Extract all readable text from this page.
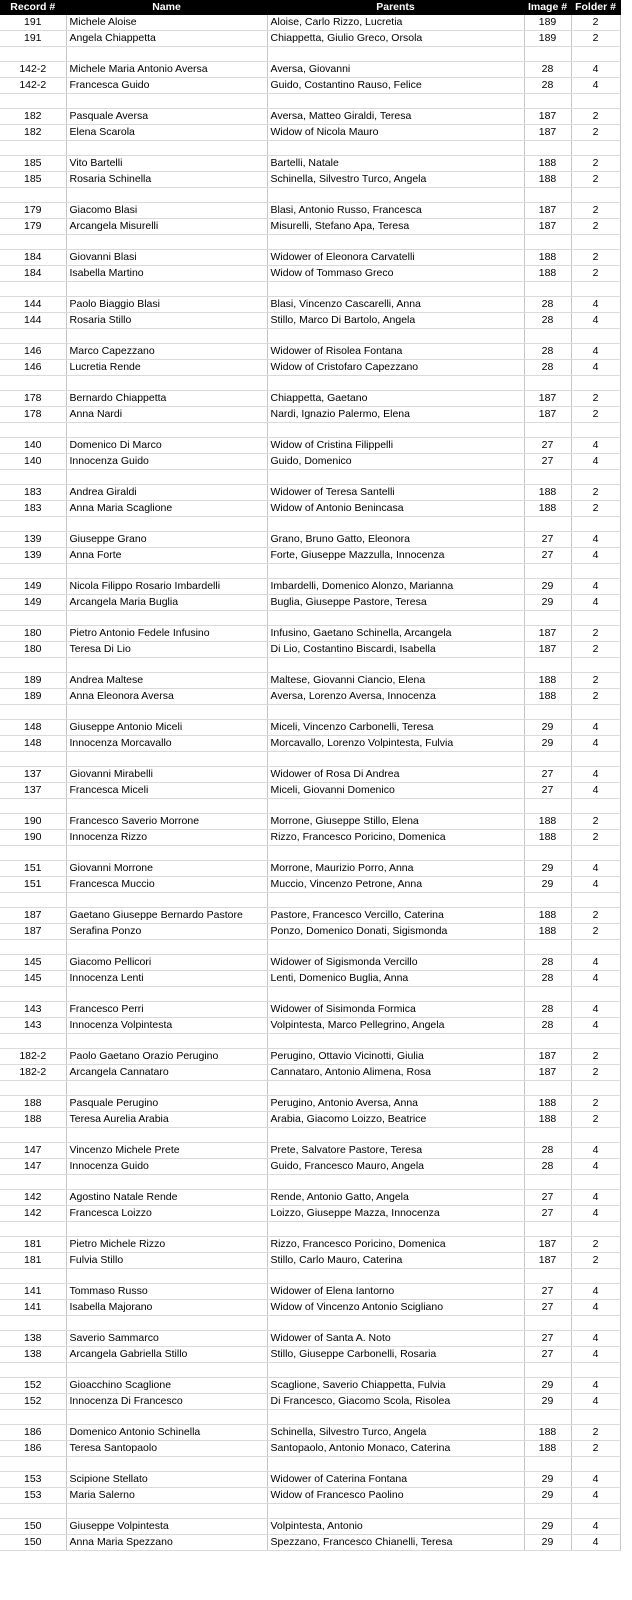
Record #	Name	Parents	Image #	Folder #
191	Michele Aloise	Aloise, Carlo Rizzo, Lucretia	189	2
191	Angela Chiappetta	Chiappetta, Giulio Greco, Orsola	189	2

142-2	Michele Maria Antonio Aversa	Aversa, Giovanni	28	4
142-2	Francesca Guido	Guido, Costantino Rauso, Felice	28	4

182	Pasquale Aversa	Aversa, Matteo Giraldi, Teresa	187	2
182	Elena Scarola	Widow of Nicola Mauro	187	2

185	Vito Bartelli	Bartelli, Natale	188	2
185	Rosaria Schinella	Schinella, Silvestro Turco, Angela	188	2

179	Giacomo Blasi	Blasi, Antonio Russo, Francesca	187	2
179	Arcangela Misurelli	Misurelli, Stefano Apa, Teresa	187	2

184	Giovanni Blasi	Widower of Eleonora Carvatelli	188	2
184	Isabella Martino	Widow of Tommaso Greco	188	2

144	Paolo Biaggio Blasi	Blasi, Vincenzo Cascarelli, Anna	28	4
144	Rosaria Stillo	Stillo, Marco Di Bartolo, Angela	28	4

146	Marco Capezzano	Widower of Risolea Fontana	28	4
146	Lucretia Rende	Widow of Cristofaro Capezzano	28	4

178	Bernardo Chiappetta	Chiappetta, Gaetano	187	2
178	Anna Nardi	Nardi, Ignazio Palermo, Elena	187	2

140	Domenico Di Marco	Widow of Cristina Filippelli	27	4
140	Innocenza Guido	Guido, Domenico	27	4

183	Andrea Giraldi	Widower of Teresa Santelli	188	2
183	Anna Maria Scaglione	Widow of Antonio Benincasa	188	2

139	Giuseppe Grano	Grano, Bruno Gatto, Eleonora	27	4
139	Anna Forte	Forte, Giuseppe Mazzulla, Innocenza	27	4

149	Nicola Filippo Rosario Imbardelli	Imbardelli, Domenico Alonzo, Marianna	29	4
149	Arcangela Maria Buglia	Buglia, Giuseppe Pastore, Teresa	29	4

180	Pietro Antonio Fedele Infusino	Infusino, Gaetano Schinella, Arcangela	187	2
180	Teresa Di Lio	Di Lio, Costantino Biscardi, Isabella	187	2

189	Andrea Maltese	Maltese, Giovanni Ciancio, Elena	188	2
189	Anna Eleonora Aversa	Aversa, Lorenzo Aversa, Innocenza	188	2

148	Giuseppe Antonio Miceli	Miceli, Vincenzo Carbonelli, Teresa	29	4
148	Innocenza Morcavallo	Morcavallo, Lorenzo Volpintesta, Fulvia	29	4

137	Giovanni Mirabelli	Widower of Rosa Di Andrea	27	4
137	Francesca Miceli	Miceli, Giovanni Domenico	27	4

190	Francesco Saverio Morrone	Morrone, Giuseppe Stillo, Elena	188	2
190	Innocenza Rizzo	Rizzo, Francesco Poricino, Domenica	188	2

151	Giovanni Morrone	Morrone, Maurizio Porro, Anna	29	4
151	Francesca Muccio	Muccio, Vincenzo Petrone, Anna	29	4

187	Gaetano Giuseppe Bernardo Pastore	Pastore, Francesco Vercillo, Caterina	188	2
187	Serafina Ponzo	Ponzo, Domenico Donati, Sigismonda	188	2

145	Giacomo Pellicori	Widower of Sigismonda Vercillo	28	4
145	Innocenza Lenti	Lenti, Domenico Buglia, Anna	28	4

143	Francesco Perri	Widower of Sisimonda Formica	28	4
143	Innocenza Volpintesta	Volpintesta, Marco Pellegrino, Angela	28	4

182-2	Paolo Gaetano Orazio Perugino	Perugino, Ottavio Vicinotti, Giulia	187	2
182-2	Arcangela Cannataro	Cannataro, Antonio Alimena, Rosa	187	2

188	Pasquale Perugino	Perugino, Antonio Aversa, Anna	188	2
188	Teresa Aurelia Arabia	Arabia, Giacomo Loizzo, Beatrice	188	2

147	Vincenzo Michele Prete	Prete, Salvatore Pastore, Teresa	28	4
147	Innocenza Guido	Guido, Francesco Mauro, Angela	28	4

142	Agostino Natale Rende	Rende, Antonio Gatto, Angela	27	4
142	Francesca Loizzo	Loizzo, Giuseppe Mazza, Innocenza	27	4

181	Pietro Michele Rizzo	Rizzo, Francesco Poricino, Domenica	187	2
181	Fulvia Stillo	Stillo, Carlo Mauro, Caterina	187	2

141	Tommaso Russo	Widower of Elena Iantorno	27	4
141	Isabella Majorano	Widow of Vincenzo Antonio Scigliano	27	4

138	Saverio Sammarco	Widower of Santa A. Noto	27	4
138	Arcangela Gabriella Stillo	Stillo, Giuseppe Carbonelli, Rosaria	27	4

152	Gioacchino Scaglione	Scaglione, Saverio Chiappetta, Fulvia	29	4
152	Innocenza Di Francesco	Di Francesco, Giacomo Scola, Risolea	29	4

186	Domenico Antonio Schinella	Schinella, Silvestro Turco, Angela	188	2
186	Teresa Santopaolo	Santopaolo, Antonio Monaco, Caterina	188	2

153	Scipione Stellato	Widower of Caterina Fontana	29	4
153	Maria Salerno	Widow of Francesco Paolino	29	4

150	Giuseppe Volpintesta	Volpintesta, Antonio	29	4
150	Anna Maria Spezzano	Spezzano, Francesco Chianelli, Teresa	29	4
